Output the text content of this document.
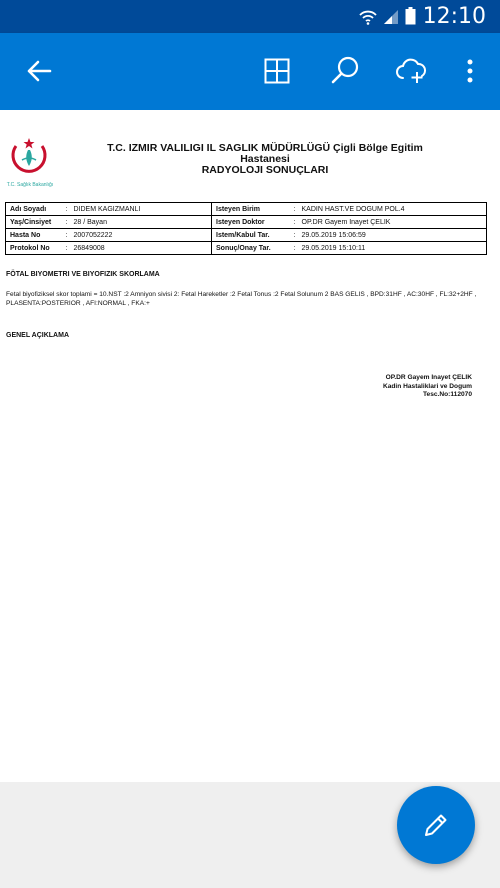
12:10
T.C. Sağlık Bakanlığı
T.C. IZMIR VALILIGI IL SAGLIK MÜDÜRLÜGÜ Çigli Bölge Egitim
Hastanesi
RADYOLOJI SONUÇLARI
Adı Soyadı	: DIDEM KAGIZMANLI	Isteyen Birim	: KADIN HAST.VE DOGUM POL.4
Yaş/Cinsiyet	: 28 / Bayan	Isteyen Doktor	: OP.DR Gayem Inayet ÇELIK
Hasta No	: 2007052222	Istem/Kabul Tar.	: 29.05.2019 15:06:59
Protokol No	: 26849008	Sonuç/Onay Tar.	: 29.05.2019 15:10:11
FÖTAL BIYOMETRI VE BIYOFIZIK SKORLAMA
Fetal biyofiziksel skor toplami = 10.NST :2 Amniyon sivisi 2: Fetal Hareketler :2 Fetal Tonus :2 Fetal Solunum 2 BAS GELIS , BPD:31HF , AC:30HF , FL:32+2HF ,
PLASENTA:POSTERIOR , AFI:NORMAL , FKA:+
GENEL AÇIKLAMA
OP.DR Gayem Inayet ÇELIK
Kadin Hastaliklari ve Dogum
Tesc.No:112070
